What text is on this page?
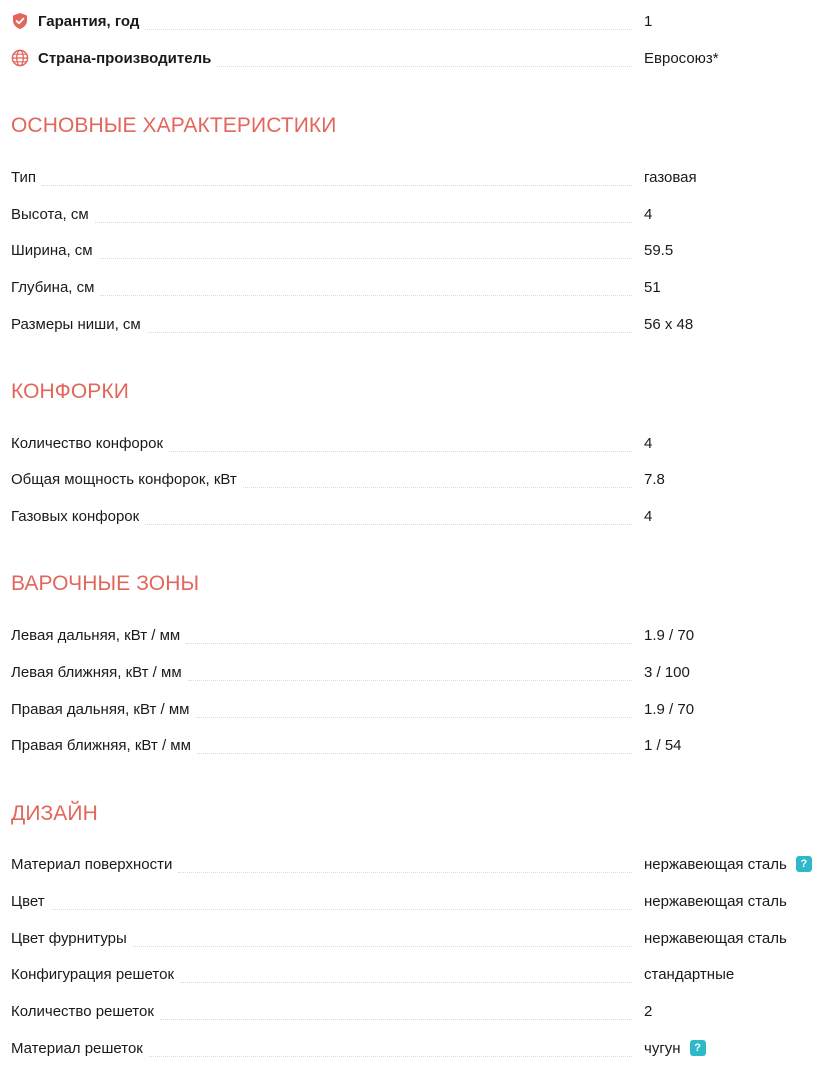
Гарантия, год	1
Страна-производитель	Евросоюз*
ОСНОВНЫЕ ХАРАКТЕРИСТИКИ
Тип	газовая
Высота, см	4
Ширина, см	59.5
Глубина, см	51
Размеры ниши, см	56 x 48
КОНФОРКИ
Количество конфорок	4
Общая мощность конфорок, кВт	7.8
Газовых конфорок	4
ВАРОЧНЫЕ ЗОНЫ
Левая дальняя, кВт / мм	1.9 / 70
Левая ближняя, кВт / мм	3 / 100
Правая дальняя, кВт / мм	1.9 / 70
Правая ближняя, кВт / мм	1 / 54
ДИЗАЙН
Материал поверхности	нержавеющая сталь	?
Цвет	нержавеющая сталь
Цвет фурнитуры	нержавеющая сталь
Конфигурация решеток	стандартные
Количество решеток	2
Материал решеток	чугун	?
